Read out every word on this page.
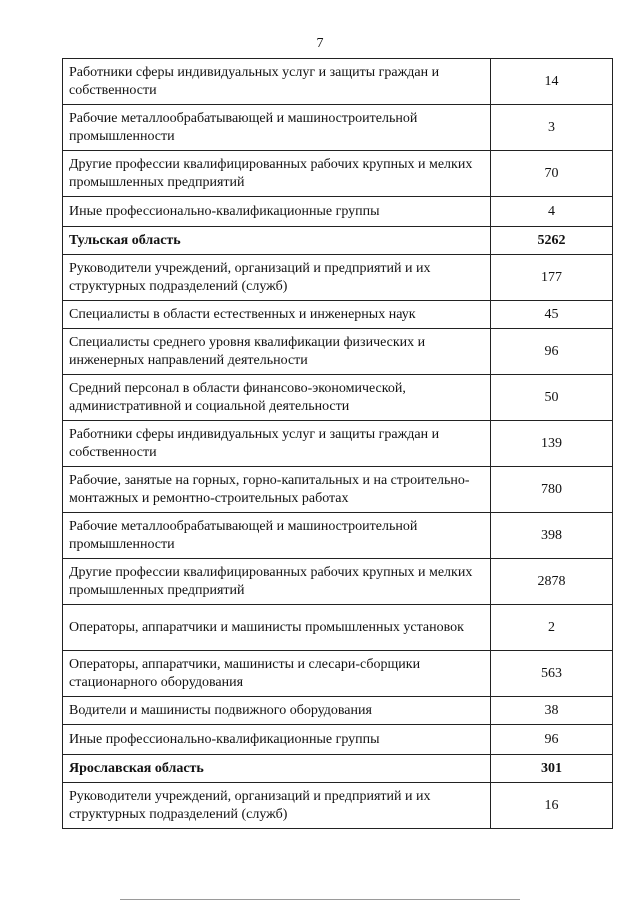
7
Работники сферы индивидуальных услуг и защиты граждан и собственности	14
Рабочие металлообрабатывающей и машиностроительной промышленности	3
Другие профессии квалифицированных рабочих крупных и мелких промышленных предприятий	70
Иные профессионально-квалификационные группы	4
Тульская область	5262
Руководители учреждений, организаций и предприятий и их структурных подразделений (служб)	177
Специалисты в области естественных и инженерных наук	45
Специалисты среднего уровня квалификации физических и инженерных направлений деятельности	96
Средний персонал в области финансово-экономической, административной и социальной деятельности	50
Работники сферы индивидуальных услуг и защиты граждан и собственности	139
Рабочие, занятые на горных, горно-капитальных и на строительно-монтажных и ремонтно-строительных работах	780
Рабочие металлообрабатывающей и машиностроительной промышленности	398
Другие профессии квалифицированных рабочих крупных и мелких промышленных предприятий	2878
Операторы, аппаратчики и машинисты промышленных установок	2
Операторы, аппаратчики, машинисты и слесари-сборщики стационарного оборудования	563
Водители и машинисты подвижного оборудования	38
Иные профессионально-квалификационные группы	96
Ярославская область	301
Руководители учреждений, организаций и предприятий и их структурных подразделений (служб)	16
